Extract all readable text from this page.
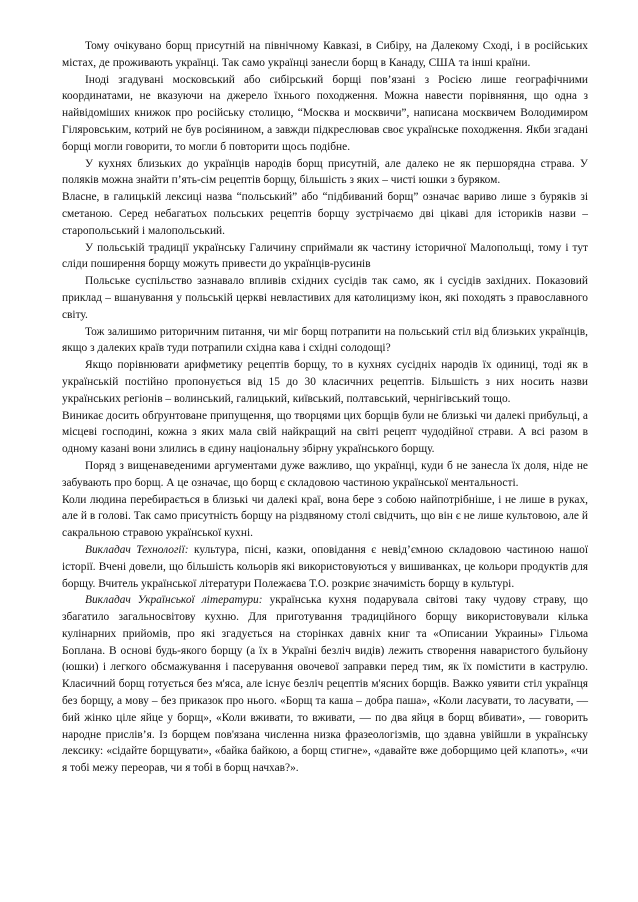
Тому очікувано борщ присутній на північному Кавказі, в Сибіру, на Далекому Сході, і в російських містах, де проживають українці. Так само українці занесли борщ в Канаду, США та інші країни.

Іноді згадувані московський або сибірський борщі пов’язані з Росією лише географічними координатами, не вказуючи на джерело їхнього походження. Можна навести порівняння, що одна з найвідоміших книжок про російську столицю, “Москва и москвичи”, написана москвичем Володимиром Гіляровським, котрий не був росіянином, а завжди підкреслював своє українське походження. Якби згадані борщі могли говорити, то могли б повторити щось подібне.

У кухнях близьких до українців народів борщ присутній, але далеко не як першорядна страва. У поляків можна знайти п’ять-сім рецептів борщу, більшість з яких – чисті юшки з буряком.

Власне, в галицькій лексиці назва “польський” або “підбиваний борщ” означає вариво лише з буряків зі сметаною. Серед небагатьох польських рецептів борщу зустрічаємо дві цікаві для істориків назви – старопольський і малопольський.

У польській традиції українську Галичину сприймали як частину історичної Малопольщі, тому і тут сліди поширення борщу можуть привести до українців-русинів

Польське суспільство зазнавало впливів східних сусідів так само, як і сусідів західних. Показовий приклад – вшанування у польській церкві невластивих для католицизму ікон, які походять з православного світу.

Тож залишимо риторичним питання, чи міг борщ потрапити на польський стіл від близьких українців, якщо з далеких країв туди потрапили східна кава і східні солодощі?

Якщо порівнювати арифметику рецептів борщу, то в кухнях сусідніх народів їх одиниці, тоді як в українській постійно пропонується від 15 до 30 класичних рецептів. Більшість з них носить назви українських регіонів – волинський, галицький, київський, полтавський, чернігівський тощо.

Виникає досить обґрунтоване припущення, що творцями цих борщів були не близькі чи далекі прибульці, а місцеві господині, кожна з яких мала свій найкращий на світі рецепт чудодійної страви. А всі разом в одному казані вони злились в єдину національну збірну українського борщу.

Поряд з вищенаведеними аргументами дуже важливо, що українці, куди б не занесла їх доля, ніде не забувають про борщ. А це означає, що борщ є складовою частиною української ментальності.

Коли людина перебирається в близькі чи далекі краї, вона бере з собою найпотрібніше, і не лише в руках, але й в голові. Так само присутність борщу на різдвяному столі свідчить, що він є не лише культовою, але й сакральною стравою української кухні.

Викладач Технології: культура, пісні, казки, оповідання є невід’ємною складовою частиною нашої історії. Вчені довели, що більшість кольорів які використовуються у вишиванках, це кольори продуктів для борщу. Вчитель української літератури Полежаєва Т.О. розкриє значимість борщу в культурі.

Викладач Української літератури: українська кухня подарувала світові таку чудову страву, що збагатило загальносвітову кухню. Для приготування традиційного борщу використовували кілька кулінарних прийомів, про які згадується на сторінках давніх книг та «Описании Украины» Гільома Боплана. В основі будь-якого борщу (а їх в Україні безліч видів) лежить створення наваристого бульйону (юшки) і легкого обсмажування і пасерування овочевої заправки перед тим, як їх помістити в каструлю. Класичний борщ готується без м'яса, але існує безліч рецептів м'ясних борщів. Важко уявити стіл українця без борщу, а мову – без приказок про нього. «Борщ та каша – добра паша», «Коли ласувати, то ласувати, — бий жінко ціле яйце у борщ», «Коли вживати, то вживати, — по два яйця в борщ вбивати», — говорить народне прислів’я. Із борщем пов'язана численна низка фразеологізмів, що здавна увійшли в українську лексику: «сідайте борщувати», «байка байкою, а борщ стигне», «давайте вже доборщимо цей клапоть», «чи я тобі межу переорав, чи я тобі в борщ начхав?».
